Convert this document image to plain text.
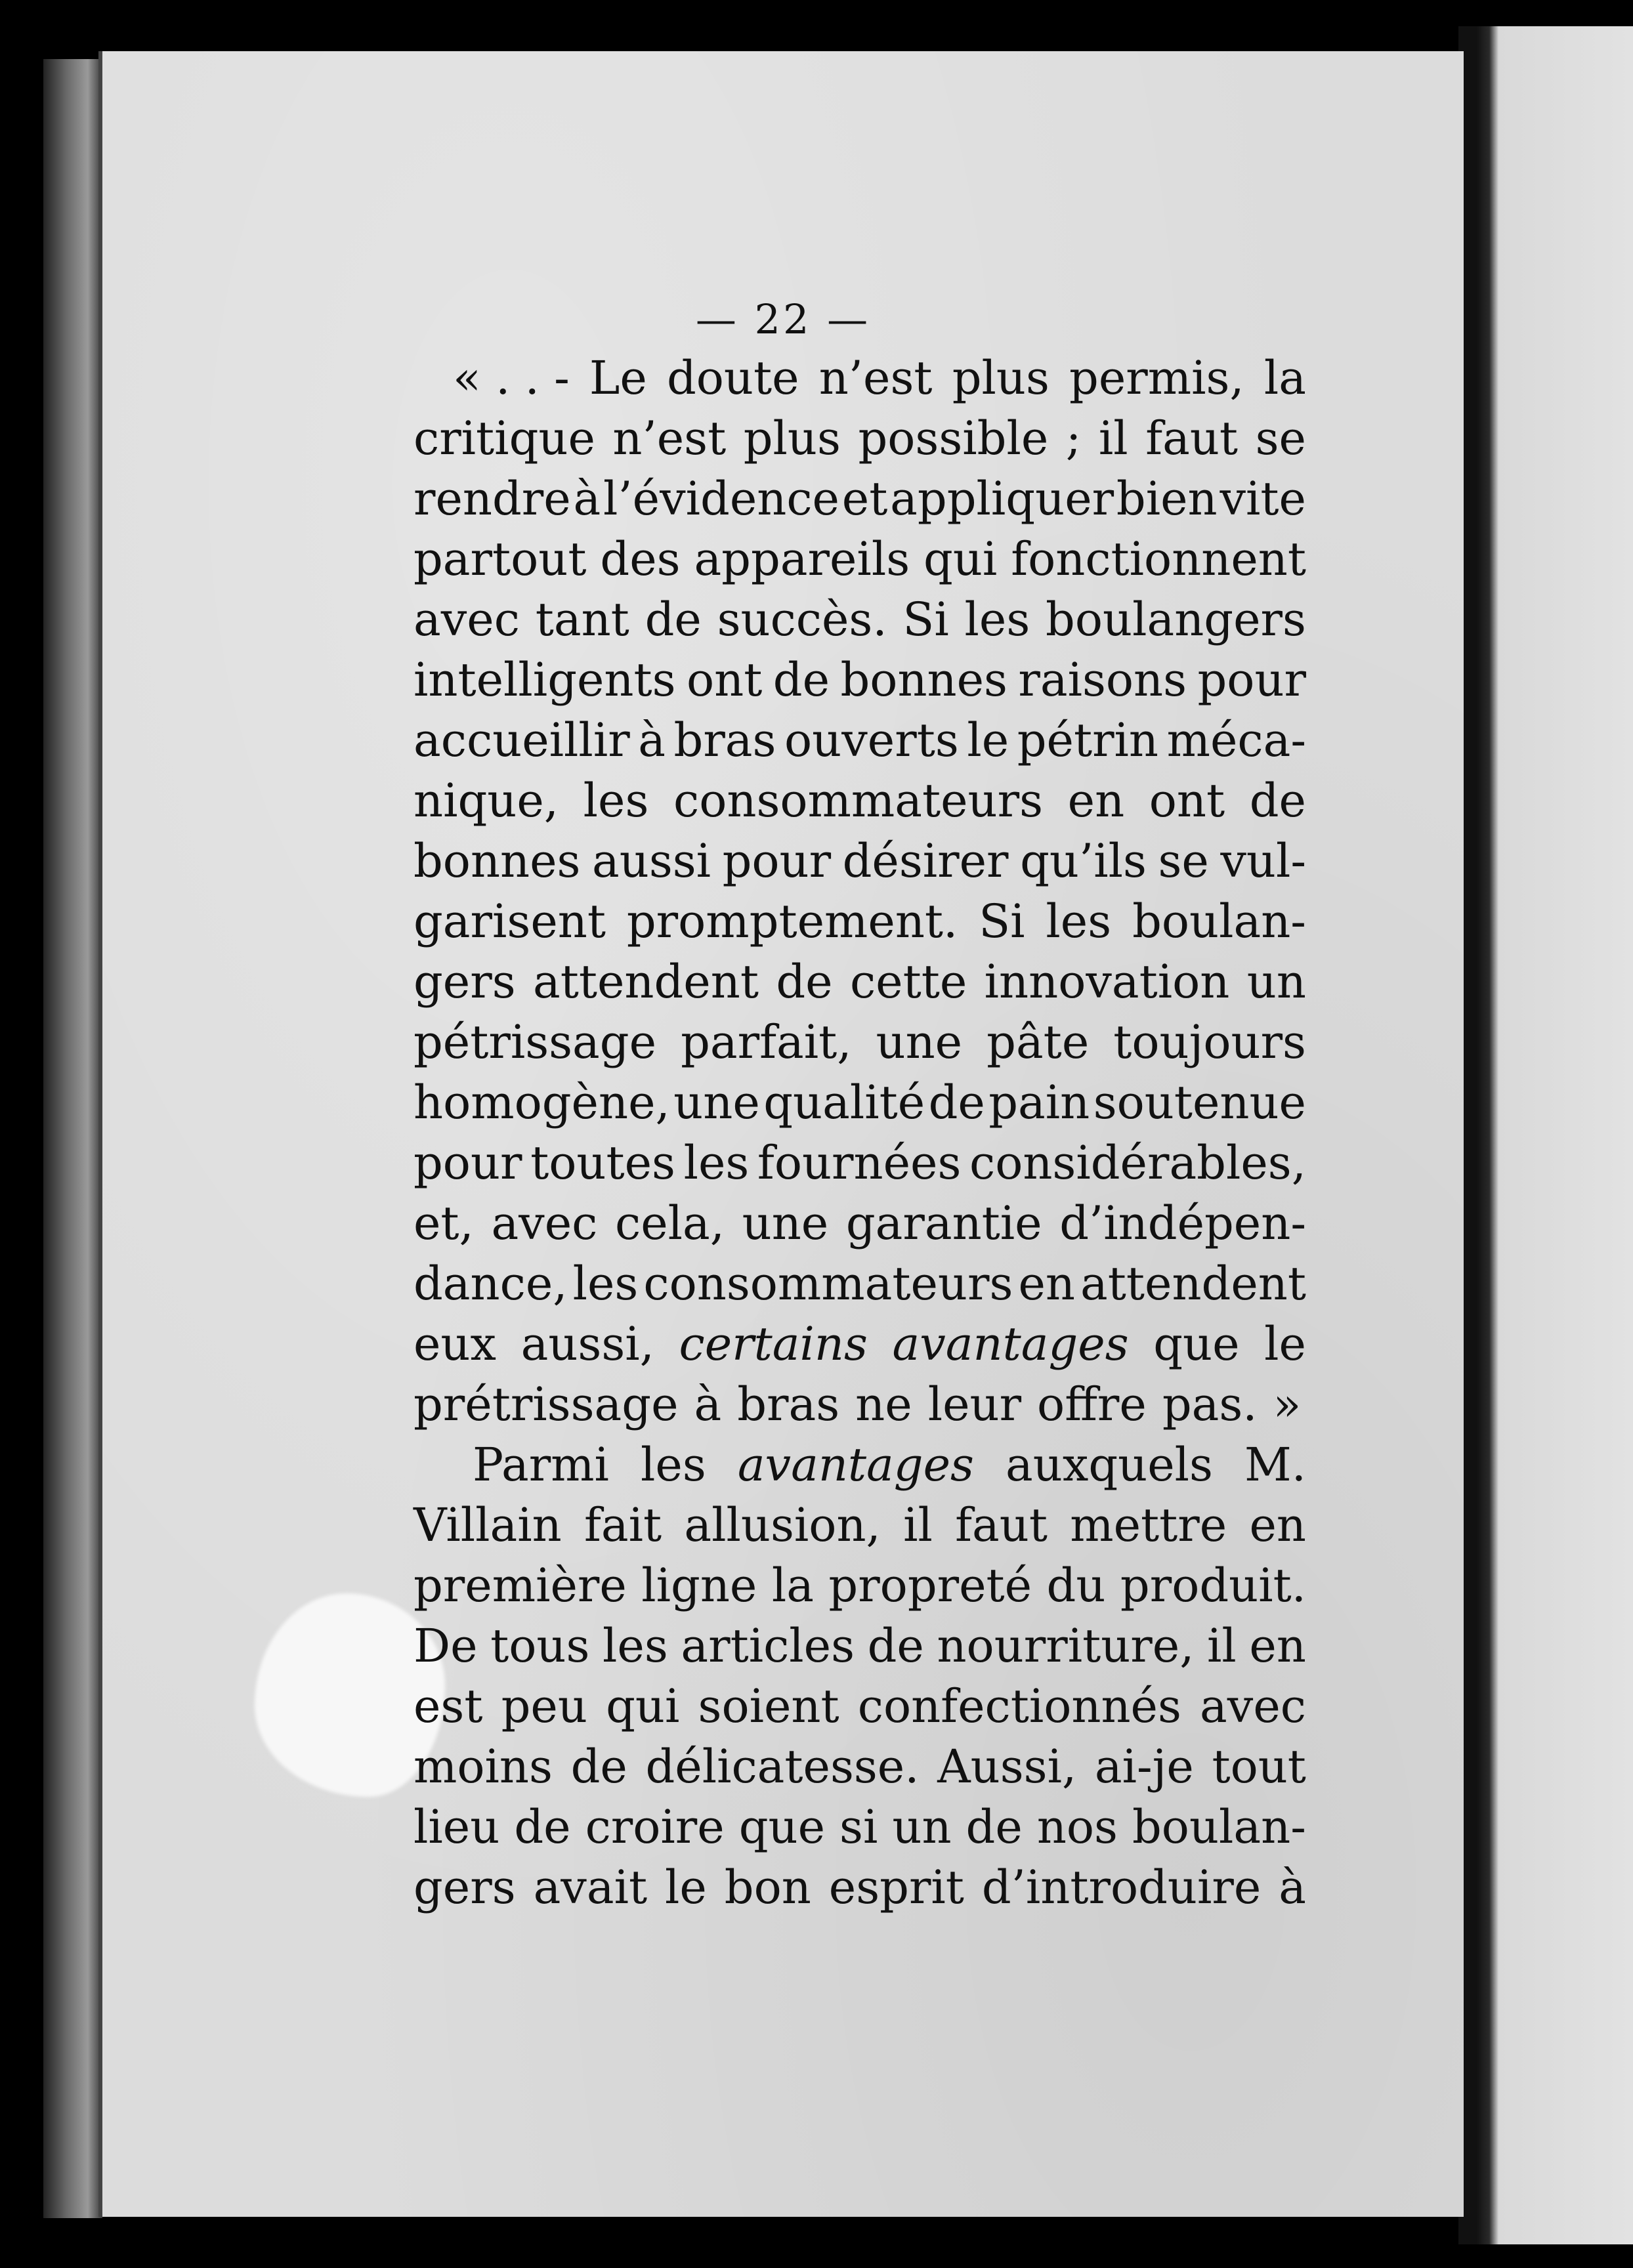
— 22 —
« . . - Le doute n’est plus permis, la
critique n’est plus possible ; il faut se
rendre à l’évidence et appliquer bien vite
partout des appareils qui fonctionnent
avec tant de succès. Si les boulangers
intelligents ont de bonnes raisons pour
accueillir à bras ouverts le pétrin méca-
nique, les consommateurs en ont de
bonnes aussi pour désirer qu’ils se vul-
garisent promptement. Si les boulan-
gers attendent de cette innovation un
pétrissage parfait, une pâte toujours
homogène, une qualité de pain soutenue
pour toutes les fournées considérables,
et, avec cela, une garantie d’indépen-
dance, les consommateurs en attendent
eux aussi, certains avantages que le
prétrissage à bras ne leur offre pas. »
Parmi les avantages auxquels M.
Villain fait allusion, il faut mettre en
première ligne la propreté du produit.
De tous les articles de nourriture, il en
est peu qui soient confectionnés avec
moins de délicatesse. Aussi, ai-je tout
lieu de croire que si un de nos boulan-
gers avait le bon esprit d’introduire à
